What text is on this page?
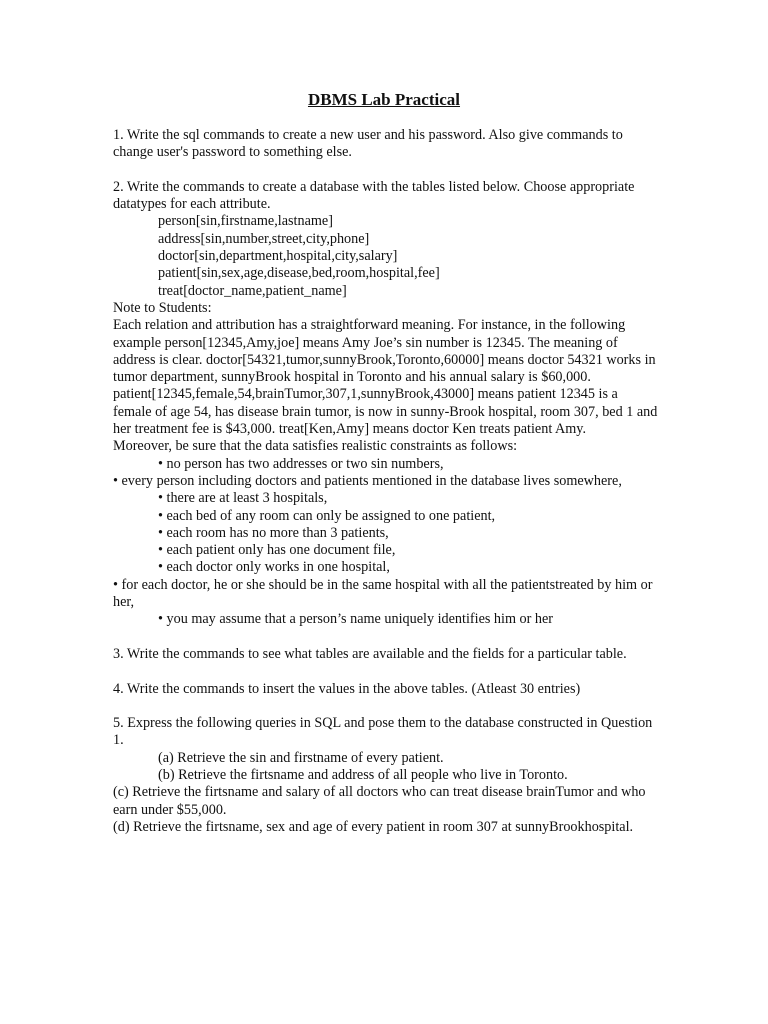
DBMS Lab Practical

1. Write the sql commands to create a new user and his password. Also give commands to change user's password to something else.

2. Write the commands to create a database with the tables listed below. Choose appropriate datatypes for each attribute.

person[sin,firstname,lastname]
address[sin,number,street,city,phone]
doctor[sin,department,hospital,city,salary]
patient[sin,sex,age,disease,bed,room,hospital,fee]
treat[doctor_name,patient_name]

Note to Students:

Each relation and attribution has a straightforward meaning. For instance, in the following example person[12345,Amy,joe] means Amy Joe’s sin number is 12345. The meaning of address is clear. doctor[54321,tumor,sunnyBrook,Toronto,60000] means doctor 54321 works in tumor department, sunnyBrook hospital in Toronto and his annual salary is $60,000. patient[12345,female,54,brainTumor,307,1,sunnyBrook,43000] means patient 12345 is a female of age 54, has disease brain tumor, is now in sunny-Brook hospital, room 307, bed 1 and her treatment fee is $43,000. treat[Ken,Amy] means doctor Ken treats patient Amy.

Moreover, be sure that the data satisfies realistic constraints as follows:

• no person has two addresses or two sin numbers,
• every person including doctors and patients mentioned in the database lives somewhere,
• there are at least 3 hospitals,
• each bed of any room can only be assigned to one patient,
• each room has no more than 3 patients,
• each patient only has one document file,
• each doctor only works in one hospital,
• for each doctor, he or she should be in the same hospital with all the patientstreated by him or her,
• you may assume that a person’s name uniquely identifies him or her

3. Write the commands to see what tables are available and the fields for a particular table.

4. Write the commands to insert the values in the above tables. (Atleast 30 entries)

5. Express the following queries in SQL and pose them to the database constructed in Question 1.

(a) Retrieve the sin and firstname of every patient.
(b) Retrieve the firtsname and address of all people who live in Toronto.
(c) Retrieve the firtsname and salary of all doctors who can treat disease brainTumor and who earn under $55,000.
(d) Retrieve the firtsname, sex and age of every patient in room 307 at sunnyBrookhospital.
